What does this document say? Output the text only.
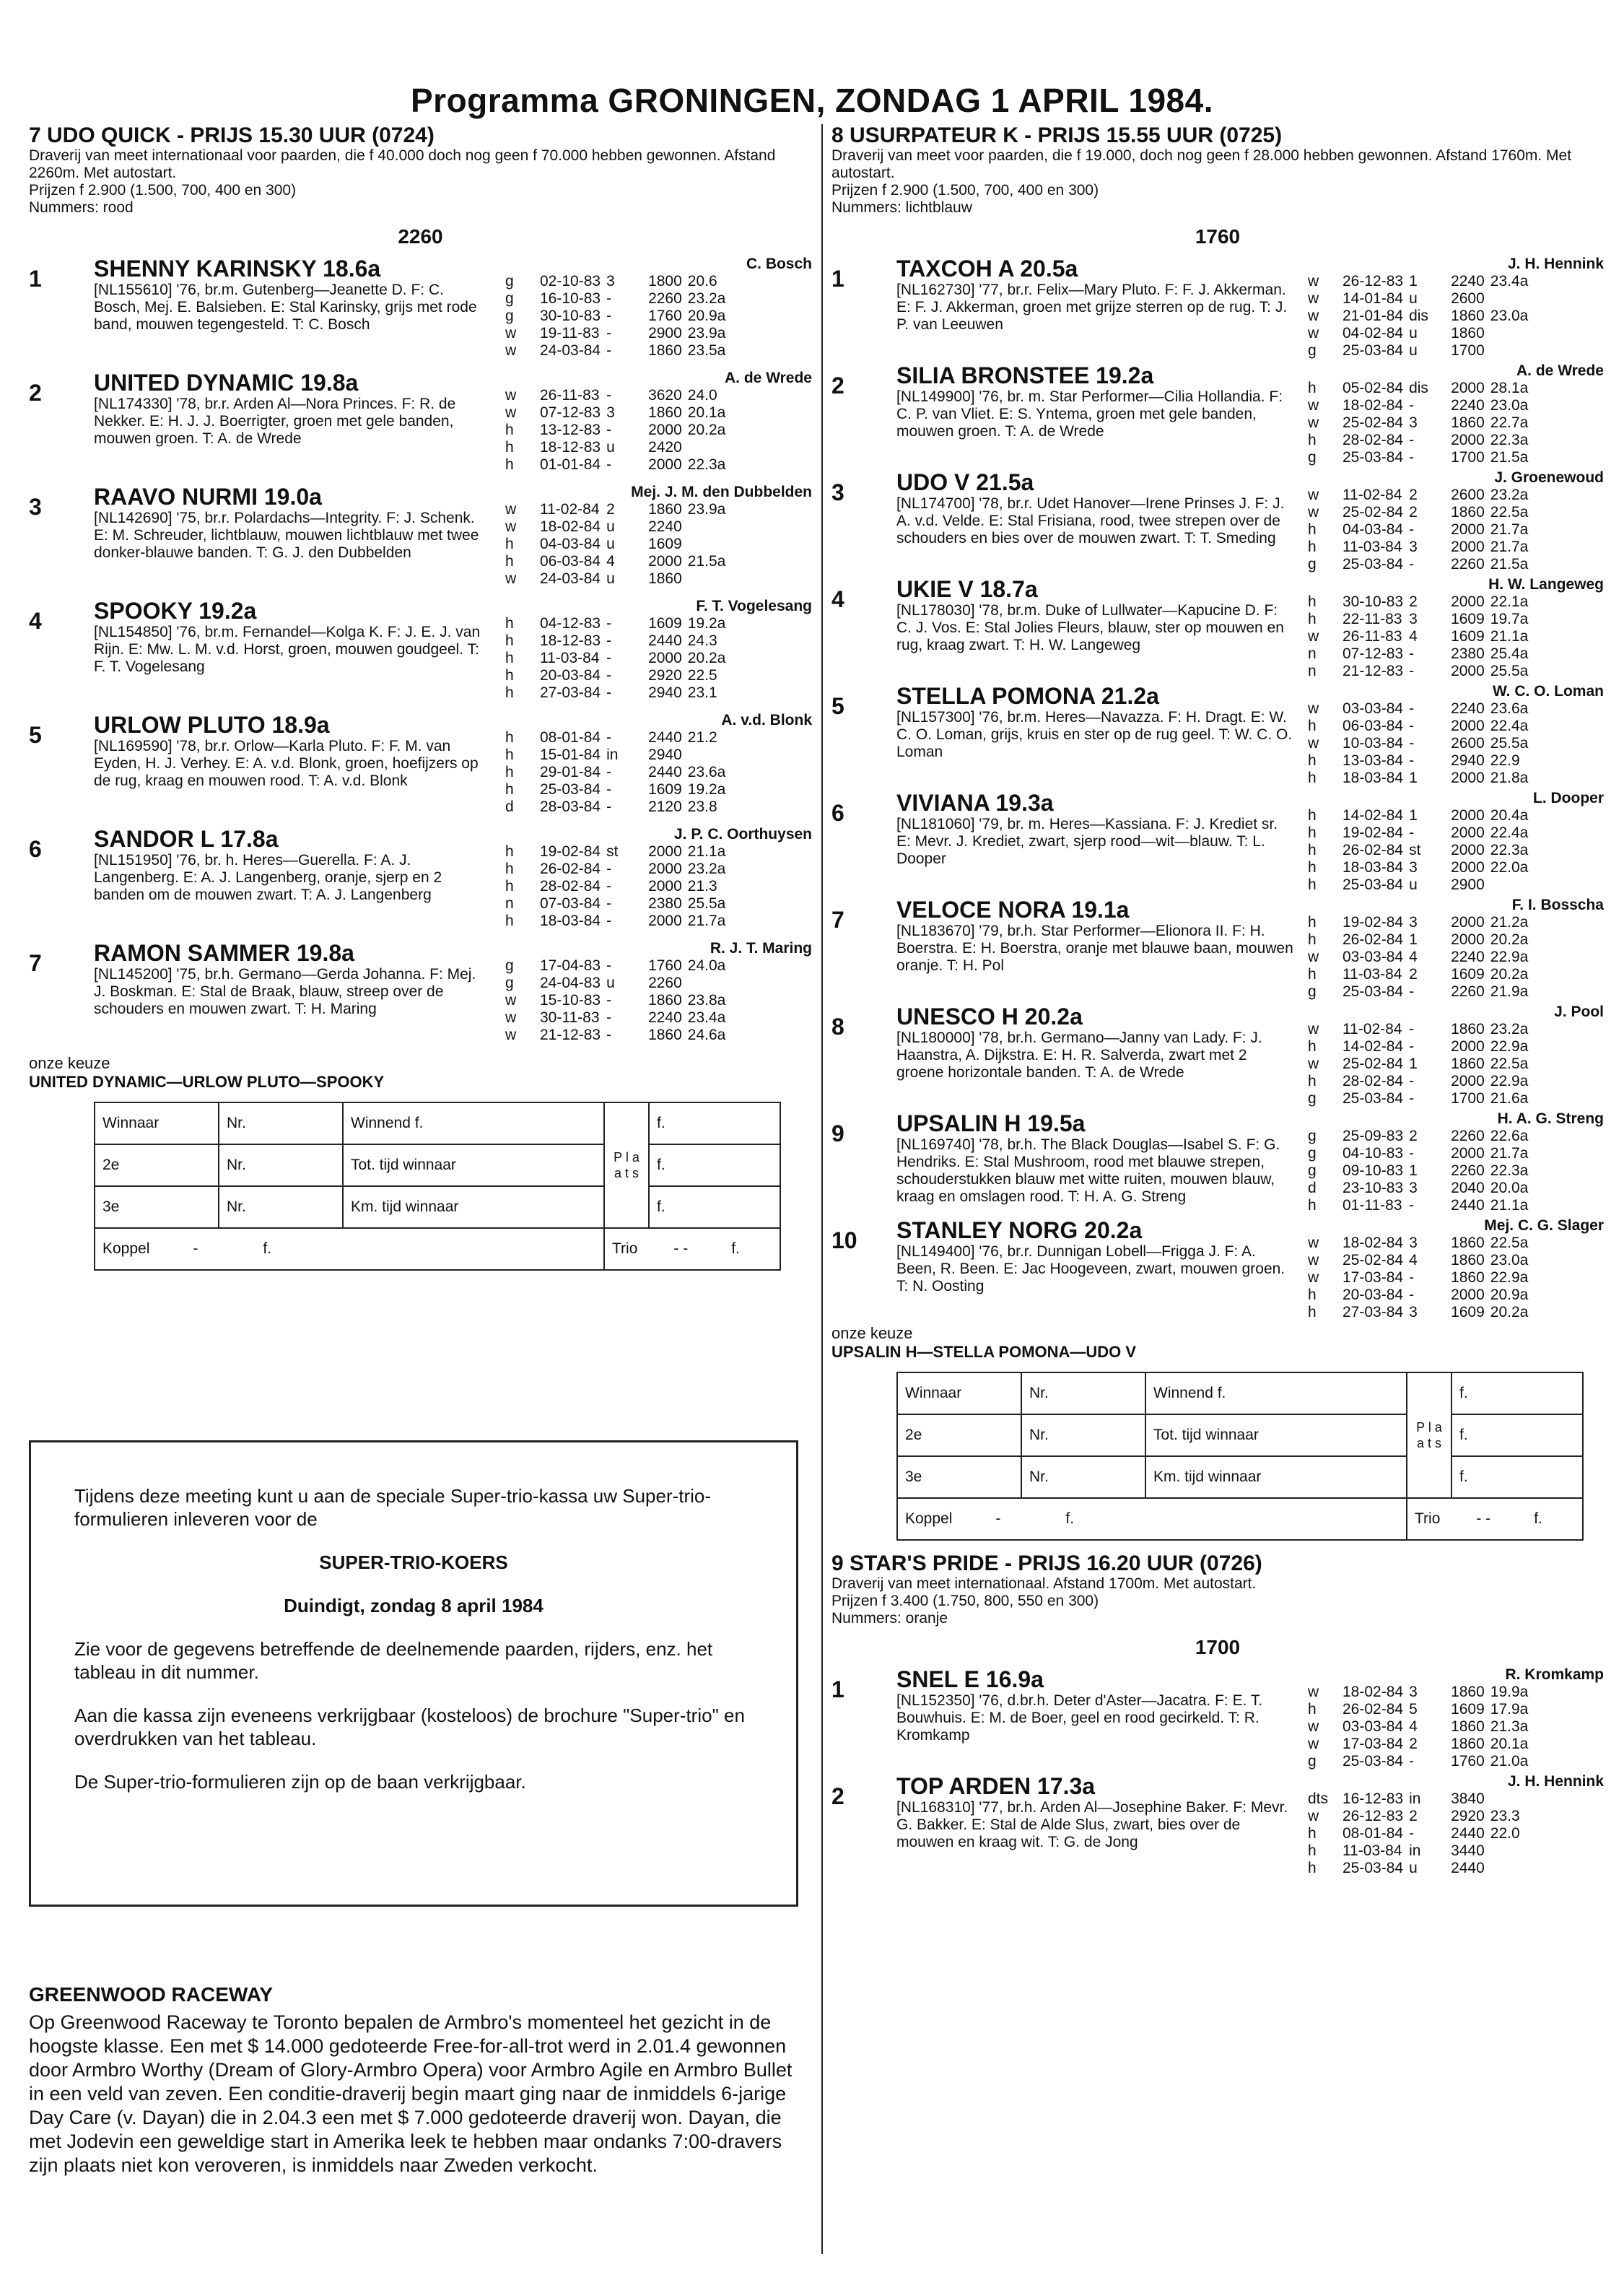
Programma GRONINGEN, ZONDAG 1 APRIL 1984.
7 UDO QUICK - PRIJS 15.30 UUR (0724)
Draverij van meet internationaal voor paarden, die f 40.000 doch nog geen f 70.000 hebben gewonnen. Afstand 2260m. Met autostart.
Prijzen f 2.900 (1.500, 700, 400 en 300)
Nummers: rood
2260
1
C. Bosch
SHENNY KARINSKY 18.6a
[NL155610] '76, br.m. Gutenberg—Jeanette D. F: C. Bosch, Mej. E. Balsieben. E: Stal Karinsky, grijs met rode band, mouwen tegengesteld. T: C. Bosch
g	02-10-83	3	1800	20.6
g	16-10-83	-	2260	23.2a
g	30-10-83	-	1760	20.9a
w	19-11-83	-	2900	23.9a
w	24-03-84	-	1860	23.5a
2
A. de Wrede
UNITED DYNAMIC 19.8a
[NL174330] '78, br.r. Arden Al—Nora Princes. F: R. de Nekker. E: H. J. J. Boerrigter, groen met gele banden, mouwen groen. T: A. de Wrede
w	26-11-83	-	3620	24.0
w	07-12-83	3	1860	20.1a
h	13-12-83	-	2000	20.2a
h	18-12-83	u	2420	
h	01-01-84	-	2000	22.3a
3
Mej. J. M. den Dubbelden
RAAVO NURMI 19.0a
[NL142690] '75, br.r. Polardachs—Integrity. F: J. Schenk. E: M. Schreuder, lichtblauw, mouwen lichtblauw met twee donker-blauwe banden. T: G. J. den Dubbelden
w	11-02-84	2	1860	23.9a
w	18-02-84	u	2240	
h	04-03-84	u	1609	
h	06-03-84	4	2000	21.5a
w	24-03-84	u	1860	
4
F. T. Vogelesang
SPOOKY 19.2a
[NL154850] '76, br.m. Fernandel—Kolga K. F: J. E. J. van Rijn. E: Mw. L. M. v.d. Horst, groen, mouwen goudgeel. T: F. T. Vogelesang
h	04-12-83	-	1609	19.2a
h	18-12-83	-	2440	24.3
h	11-03-84	-	2000	20.2a
h	20-03-84	-	2920	22.5
h	27-03-84	-	2940	23.1
5
A. v.d. Blonk
URLOW PLUTO 18.9a
[NL169590] '78, br.r. Orlow—Karla Pluto. F: F. M. van Eyden, H. J. Verhey. E: A. v.d. Blonk, groen, hoefijzers op de rug, kraag en mouwen rood. T: A. v.d. Blonk
h	08-01-84	-	2440	21.2
h	15-01-84	in	2940	
h	29-01-84	-	2440	23.6a
h	25-03-84	-	1609	19.2a
d	28-03-84	-	2120	23.8
6
J. P. C. Oorthuysen
SANDOR L 17.8a
[NL151950] '76, br. h. Heres—Guerella. F: A. J. Langenberg. E: A. J. Langenberg, oranje, sjerp en 2 banden om de mouwen zwart. T: A. J. Langenberg
h	19-02-84	st	2000	21.1a
h	26-02-84	-	2000	23.2a
h	28-02-84	-	2000	21.3
n	07-03-84	-	2380	25.5a
h	18-03-84	-	2000	21.7a
7
R. J. T. Maring
RAMON SAMMER 19.8a
[NL145200] '75, br.h. Germano—Gerda Johanna. F: Mej. J. Boskman. E: Stal de Braak, blauw, streep over de schouders en mouwen zwart. T: H. Maring
g	17-04-83	-	1760	24.0a
g	24-04-83	u	2260	
w	15-10-83	-	1860	23.8a
w	30-11-83	-	2240	23.4a
w	21-12-83	-	1860	24.6a
onze keuze
UNITED DYNAMIC—URLOW PLUTO—SPOOKY
Winnaar	Nr.	Winnend f.	P l a a t s	f.
2e	Nr.	Tot. tijd winnaar		f.
3e	Nr.	Km. tijd winnaar		f.
Koppel - f.			Trio - - f.	

Tijdens deze meeting kunt u aan de speciale Super-trio-kassa uw Super-trio-formulieren inleveren voor de

SUPER-TRIO-KOERS

Duindigt, zondag 8 april 1984

Zie voor de gegevens betreffende de deelnemende paarden, rijders, enz. het tableau in dit nummer.

Aan die kassa zijn eveneens verkrijgbaar (kosteloos) de brochure "Super-trio" en overdrukken van het tableau.

De Super-trio-formulieren zijn op de baan verkrijgbaar.

GREENWOOD RACEWAY

Op Greenwood Raceway te Toronto bepalen de Armbro's momenteel het gezicht in de hoogste klasse. Een met $ 14.000 gedoteerde Free-for-all-trot werd in 2.01.4 gewonnen door Armbro Worthy (Dream of Glory-Armbro Opera) voor Armbro Agile en Armbro Bullet in een veld van zeven. Een conditie-draverij begin maart ging naar de inmiddels 6-jarige Day Care (v. Dayan) die in 2.04.3 een met $ 7.000 gedoteerde draverij won. Dayan, die met Jodevin een geweldige start in Amerika leek te hebben maar ondanks 7:00-dravers zijn plaats niet kon veroveren, is inmiddels naar Zweden verkocht.

8 USURPATEUR K - PRIJS 15.55 UUR (0725)
Draverij van meet voor paarden, die f 19.000, doch nog geen f 28.000 hebben gewonnen. Afstand 1760m. Met autostart.
Prijzen f 2.900 (1.500, 700, 400 en 300)
Nummers: lichtblauw
1760
1
J. H. Hennink
TAXCOH A 20.5a
[NL162730] '77, br.r. Felix—Mary Pluto. F: F. J. Akkerman. E: F. J. Akkerman, groen met grijze sterren op de rug. T: J. P. van Leeuwen
w	26-12-83	1	2240	23.4a
w	14-01-84	u	2600	
w	21-01-84	dis	1860	23.0a
w	04-02-84	u	1860	
g	25-03-84	u	1700	
2
A. de Wrede
SILIA BRONSTEE 19.2a
[NL149900] '76, br. m. Star Performer—Cilia Hollandia. F: C. P. van Vliet. E: S. Yntema, groen met gele banden, mouwen groen. T: A. de Wrede
h	05-02-84	dis	2000	28.1a
w	18-02-84	-	2240	23.0a
w	25-02-84	3	1860	22.7a
h	28-02-84	-	2000	22.3a
g	25-03-84	-	1700	21.5a
3
J. Groenewoud
UDO V 21.5a
[NL174700] '78, br.r. Udet Hanover—Irene Prinses J. F: J. A. v.d. Velde. E: Stal Frisiana, rood, twee strepen over de schouders en bies over de mouwen zwart. T: T. Smeding
w	11-02-84	2	2600	23.2a
w	25-02-84	2	1860	22.5a
h	04-03-84	-	2000	21.7a
h	11-03-84	3	2000	21.7a
g	25-03-84	-	2260	21.5a
4
H. W. Langeweg
UKIE V 18.7a
[NL178030] '78, br.m. Duke of Lullwater—Kapucine D. F: C. J. Vos. E: Stal Jolies Fleurs, blauw, ster op mouwen en rug, kraag zwart. T: H. W. Langeweg
h	30-10-83	2	2000	22.1a
h	22-11-83	3	1609	19.7a
w	26-11-83	4	1609	21.1a
n	07-12-83	-	2380	25.4a
n	21-12-83	-	2000	25.5a
5
W. C. O. Loman
STELLA POMONA 21.2a
[NL157300] '76, br.m. Heres—Navazza. F: H. Dragt. E: W. C. O. Loman, grijs, kruis en ster op de rug geel. T: W. C. O. Loman
w	03-03-84	-	2240	23.6a
h	06-03-84	-	2000	22.4a
w	10-03-84	-	2600	25.5a
h	13-03-84	-	2940	22.9
h	18-03-84	1	2000	21.8a
6
L. Dooper
VIVIANA 19.3a
[NL181060] '79, br. m. Heres—Kassiana. F: J. Krediet sr. E: Mevr. J. Krediet, zwart, sjerp rood—wit—blauw. T: L. Dooper
h	14-02-84	1	2000	20.4a
h	19-02-84	-	2000	22.4a
h	26-02-84	st	2000	22.3a
h	18-03-84	3	2000	22.0a
h	25-03-84	u	2900	
7
F. I. Bosscha
VELOCE NORA 19.1a
[NL183670] '79, br.h. Star Performer—Elionora II. F: H. Boerstra. E: H. Boerstra, oranje met blauwe baan, mouwen oranje. T: H. Pol
h	19-02-84	3	2000	21.2a
h	26-02-84	1	2000	20.2a
w	03-03-84	4	2240	22.9a
h	11-03-84	2	1609	20.2a
g	25-03-84	-	2260	21.9a
8
J. Pool
UNESCO H 20.2a
[NL180000] '78, br.h. Germano—Janny van Lady. F: J. Haanstra, A. Dijkstra. E: H. R. Salverda, zwart met 2 groene horizontale banden. T: A. de Wrede
w	11-02-84	-	1860	23.2a
h	14-02-84	-	2000	22.9a
w	25-02-84	1	1860	22.5a
h	28-02-84	-	2000	22.9a
g	25-03-84	-	1700	21.6a
9
H. A. G. Streng
UPSALIN H 19.5a
[NL169740] '78, br.h. The Black Douglas—Isabel S. F: G. Hendriks. E: Stal Mushroom, rood met blauwe strepen, schouderstukken blauw met witte ruiten, mouwen blauw, kraag en omslagen rood. T: H. A. G. Streng
g	25-09-83	2	2260	22.6a
g	04-10-83	-	2000	21.7a
g	09-10-83	1	2260	22.3a
d	23-10-83	3	2040	20.0a
h	01-11-83	-	2440	21.1a
10
Mej. C. G. Slager
STANLEY NORG 20.2a
[NL149400] '76, br.r. Dunnigan Lobell—Frigga J. F: A. Been, R. Been. E: Jac Hoogeveen, zwart, mouwen groen. T: N. Oosting
w	18-02-84	3	1860	22.5a
w	25-02-84	4	1860	23.0a
w	17-03-84	-	1860	22.9a
h	20-03-84	-	2000	20.9a
h	27-03-84	3	1609	20.2a
onze keuze
UPSALIN H—STELLA POMONA—UDO V
Winnaar	Nr.	Winnend f.	P l a a t s	f.
2e	Nr.	Tot. tijd winnaar		f.
3e	Nr.	Km. tijd winnaar		f.
Koppel - f.			Trio - - f.	
9 STAR'S PRIDE - PRIJS 16.20 UUR (0726)
Draverij van meet internationaal. Afstand 1700m. Met autostart.
Prijzen f 3.400 (1.750, 800, 550 en 300)
Nummers: oranje
1700
1
R. Kromkamp
SNEL E 16.9a
[NL152350] '76, d.br.h. Deter d'Aster—Jacatra. F: E. T. Bouwhuis. E: M. de Boer, geel en rood gecirkeld. T: R. Kromkamp
w	18-02-84	3	1860	19.9a
h	26-02-84	5	1609	17.9a
w	03-03-84	4	1860	21.3a
w	17-03-84	2	1860	20.1a
g	25-03-84	-	1760	21.0a
2
J. H. Hennink
TOP ARDEN 17.3a
[NL168310] '77, br.h. Arden Al—Josephine Baker. F: Mevr. G. Bakker. E: Stal de Alde Slus, zwart, bies over de mouwen en kraag wit. T: G. de Jong
dts	16-12-83	in	3840	
w	26-12-83	2	2920	23.3
h	08-01-84	-	2440	22.0
h	11-03-84	in	3440	
h	25-03-84	u	2440	
